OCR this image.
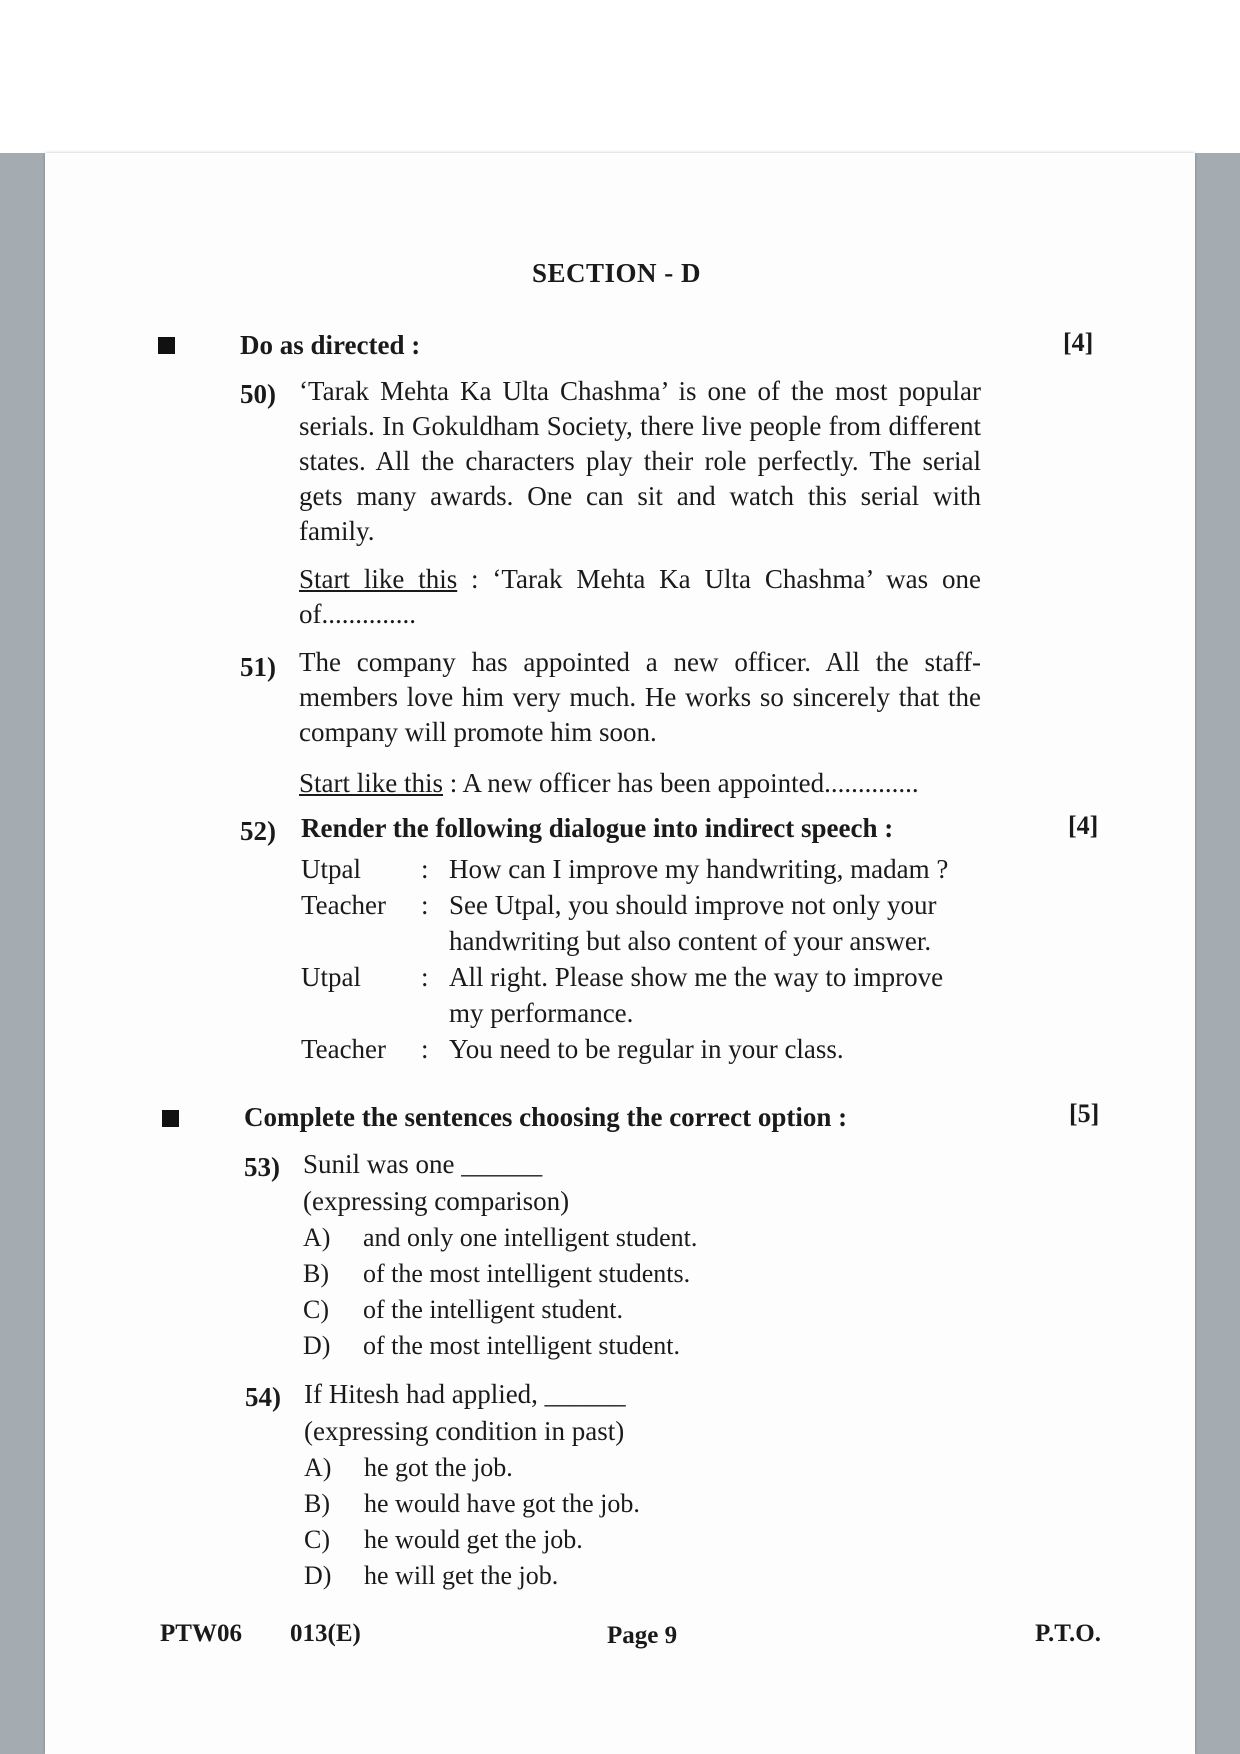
SECTION - D
Do as directed :	[4]
50) ‘Tarak Mehta Ka Ulta Chashma’ is one of the most popular serials. In Gokuldham Society, there live people from different states. All the characters play their role perfectly. The serial gets many awards. One can sit and watch this serial with family.
Start like this : ‘Tarak Mehta Ka Ulta Chashma’ was one of..............
51) The company has appointed a new officer. All the staff-members love him very much. He works so sincerely that the company will promote him soon.
Start like this : A new officer has been appointed..............
52) Render the following dialogue into indirect speech :	[4]
Utpal : How can I improve my handwriting, madam ?
Teacher : See Utpal, you should improve not only your handwriting but also content of your answer.
Utpal : All right. Please show me the way to improve my performance.
Teacher : You need to be regular in your class.
Complete the sentences choosing the correct option :	[5]
53) Sunil was one ______
(expressing comparison)
A) and only one intelligent student.
B) of the most intelligent students.
C) of the intelligent student.
D) of the most intelligent student.
54) If Hitesh had applied, ______
(expressing condition in past)
A) he got the job.
B) he would have got the job.
C) he would get the job.
D) he will get the job.
PTW06 013(E)	Page 9	P.T.O.
